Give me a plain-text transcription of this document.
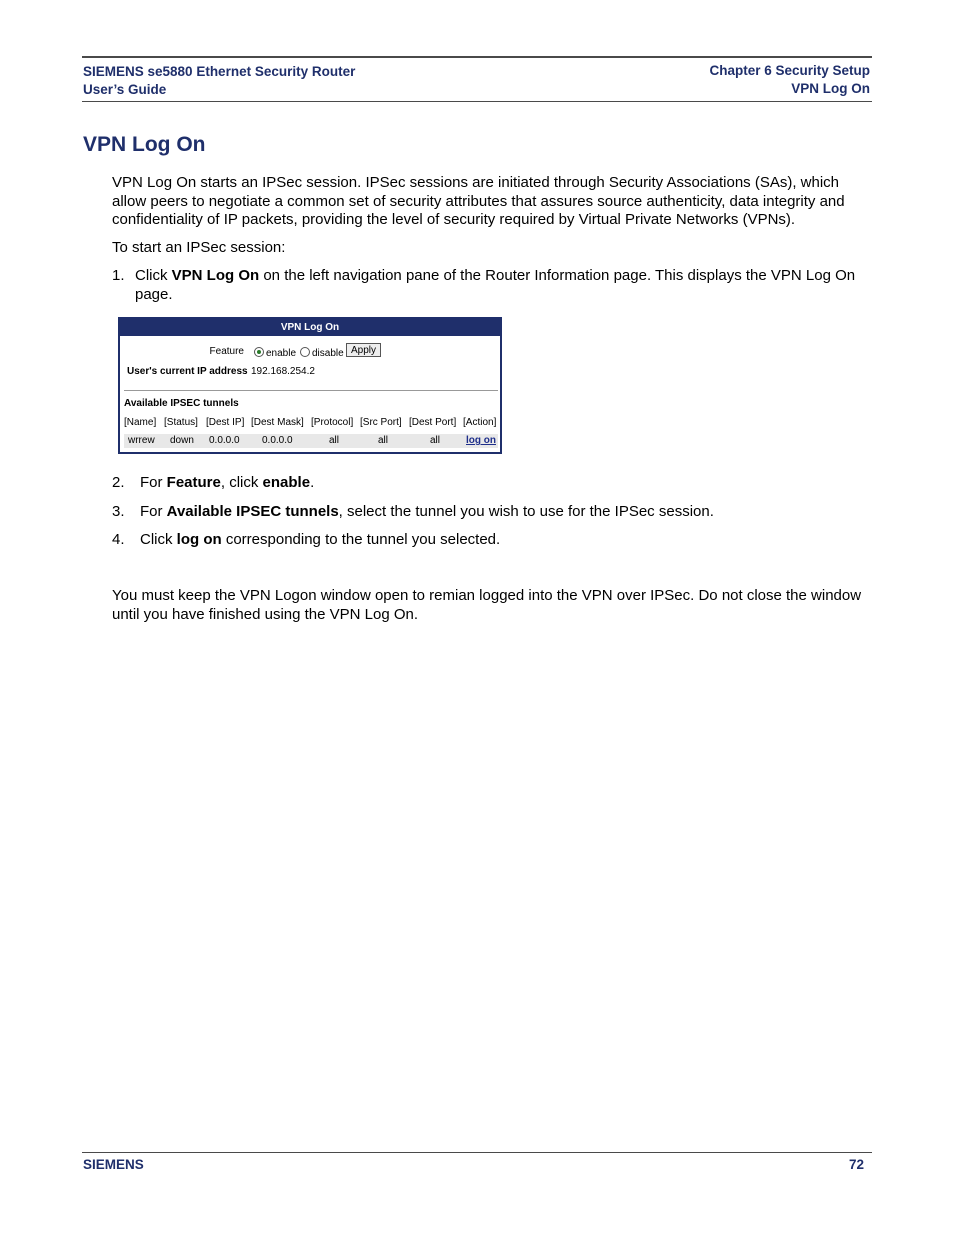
SIEMENS se5880 Ethernet Security Router
User’s Guide
Chapter 6 Security Setup
VPN Log On
VPN Log On

VPN Log On starts an IPSec session. IPSec sessions are initiated through Security Associations (SAs), which allow peers to negotiate a common set of security attributes that assures source authenticity, data integrity and confidentiality of IP packets, providing the level of security required by Virtual Private Networks (VPNs).

To start an IPSec session:

1. Click VPN Log On on the left navigation pane of the Router Information page. This displays the VPN Log On page.
VPN Log On
Feature	enable	disable Apply
User's current IP address 192.168.254.2
Available IPSEC tunnels
[Name] [Status] [Dest IP] [Dest Mask] [Protocol] [Src Port] [Dest Port] [Action]
wrrew down 0.0.0.0 0.0.0.0	all	all	all	log on
2. For Feature, click enable.
3. For Available IPSEC tunnels, select the tunnel you wish to use for the IPSec session.
4. Click log on corresponding to the tunnel you selected.

You must keep the VPN Logon window open to remian logged into the VPN over IPSec. Do not close the window until you have finished using the VPN Log On.

SIEMENS	72
